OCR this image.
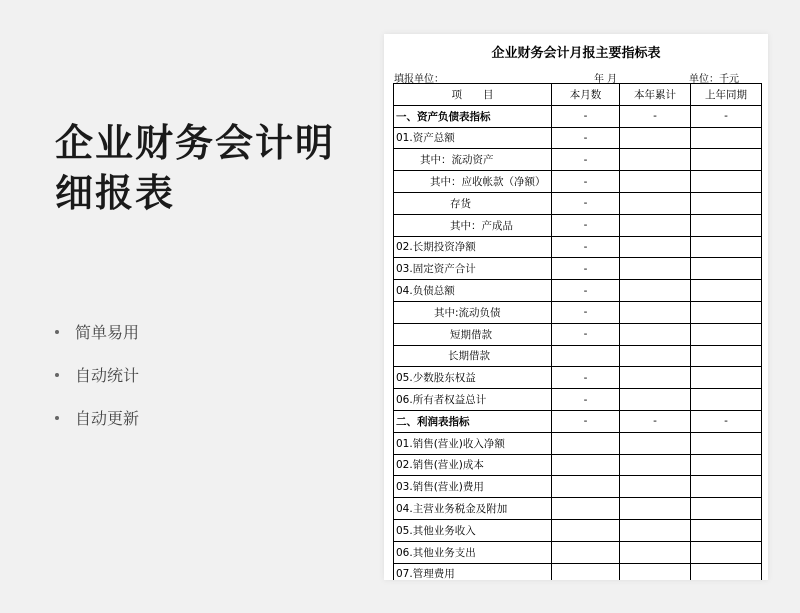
企业财务会计明
细报表
简单易用
自动统计
自动更新
企业财务会计月报主要指标表
填报单位：	年 月	单位：千元
项　　目	本月数	本年累计	上年同期
一、资产负债表指标	-	-	-
01.资产总额	-		
其中：流动资产	-		
其中：应收帐款（净额）	-		
存货	-		
其中：产成品	-		
02.长期投资净额	-		
03.固定资产合计	-		
04.负债总额	-		
其中:流动负债	-		
短期借款	-		
长期借款			
05.少数股东权益	-		
06.所有者权益总计	-		
二、利润表指标	-	-	-
01.销售(营业)收入净额			
02.销售(营业)成本			
03.销售(营业)费用			
04.主营业务税金及附加			
05.其他业务收入			
06.其他业务支出			
07.管理费用			
